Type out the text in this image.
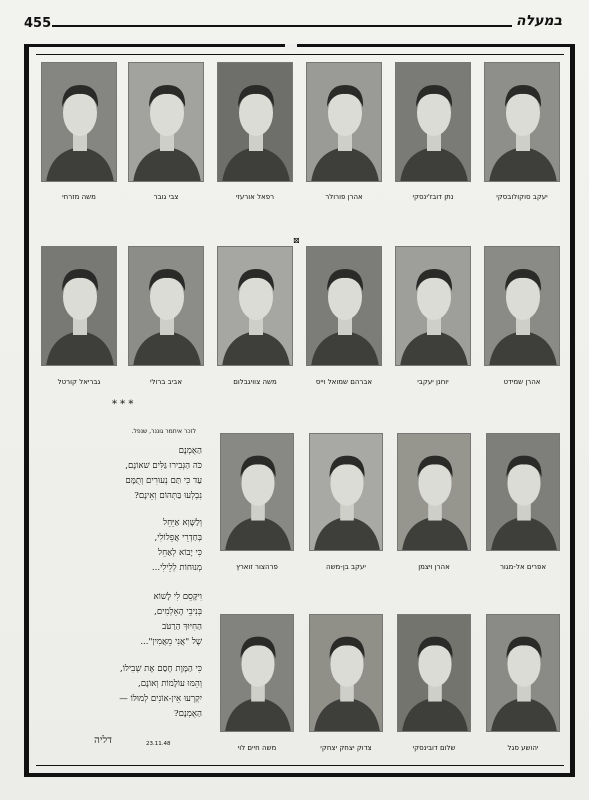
455	במעלה
יעקב סוקולובסקי
נתן דובז'ינסקי
אהרן פורולר
רפאל אורעזי
צבי גובר
משה מזרחי
אהרן שמידט
יוחנן יעקבי
אברהם שמואל וייס
משה צוויגבלום
אביב ברולי
גבריאל קורטל
אפרים אל-מגור
אהרן ויצמן
יעקב בן-משה
פרהצור זוארץ
יהושע סגל
שלום דובינסקי
צדוק יצחק יצחקי
משה חיים לוי
⊠
* * *
לזכר איתמר גוננר, שנפל.
הַאֻמְנָם
כֹּה הַגְּבִירוּ גַּלִּים שׁאוֹנָם,
עַד כִּי תַּם נְעוּרִים וְתֻמָּם
נִבְלְעוּ בַּתְּהוֹם וְאֵינָם?
וְלַשָּׁוְא אַיֵּחֵל
בְּחַדְרֵי אֲפֵלוֹלִי,
כִּי יָבוֹא לְאַחֵל
מְנוּחוֹת לְלֵילִי...
וִיקָּסֵם לִי לָשׁוֹא
בְּנִיבֵי הָאֵלְמִים,
הַחִיּוּךְ הַרַטֹּב
שֶׁל "אֲנִי מֵאֲמִין"...
כִּי הַמָּוֶת חָסַם אֶת שְׁבִילוֹ,
וְהֵמּוּ עוֹלָמוֹת וְאוֹנָם,
יִקְרְעוּ אֵין-אוֹנִים לְמוּלוֹ —
הַאֻמְנָם?
23.11.48
דליה
